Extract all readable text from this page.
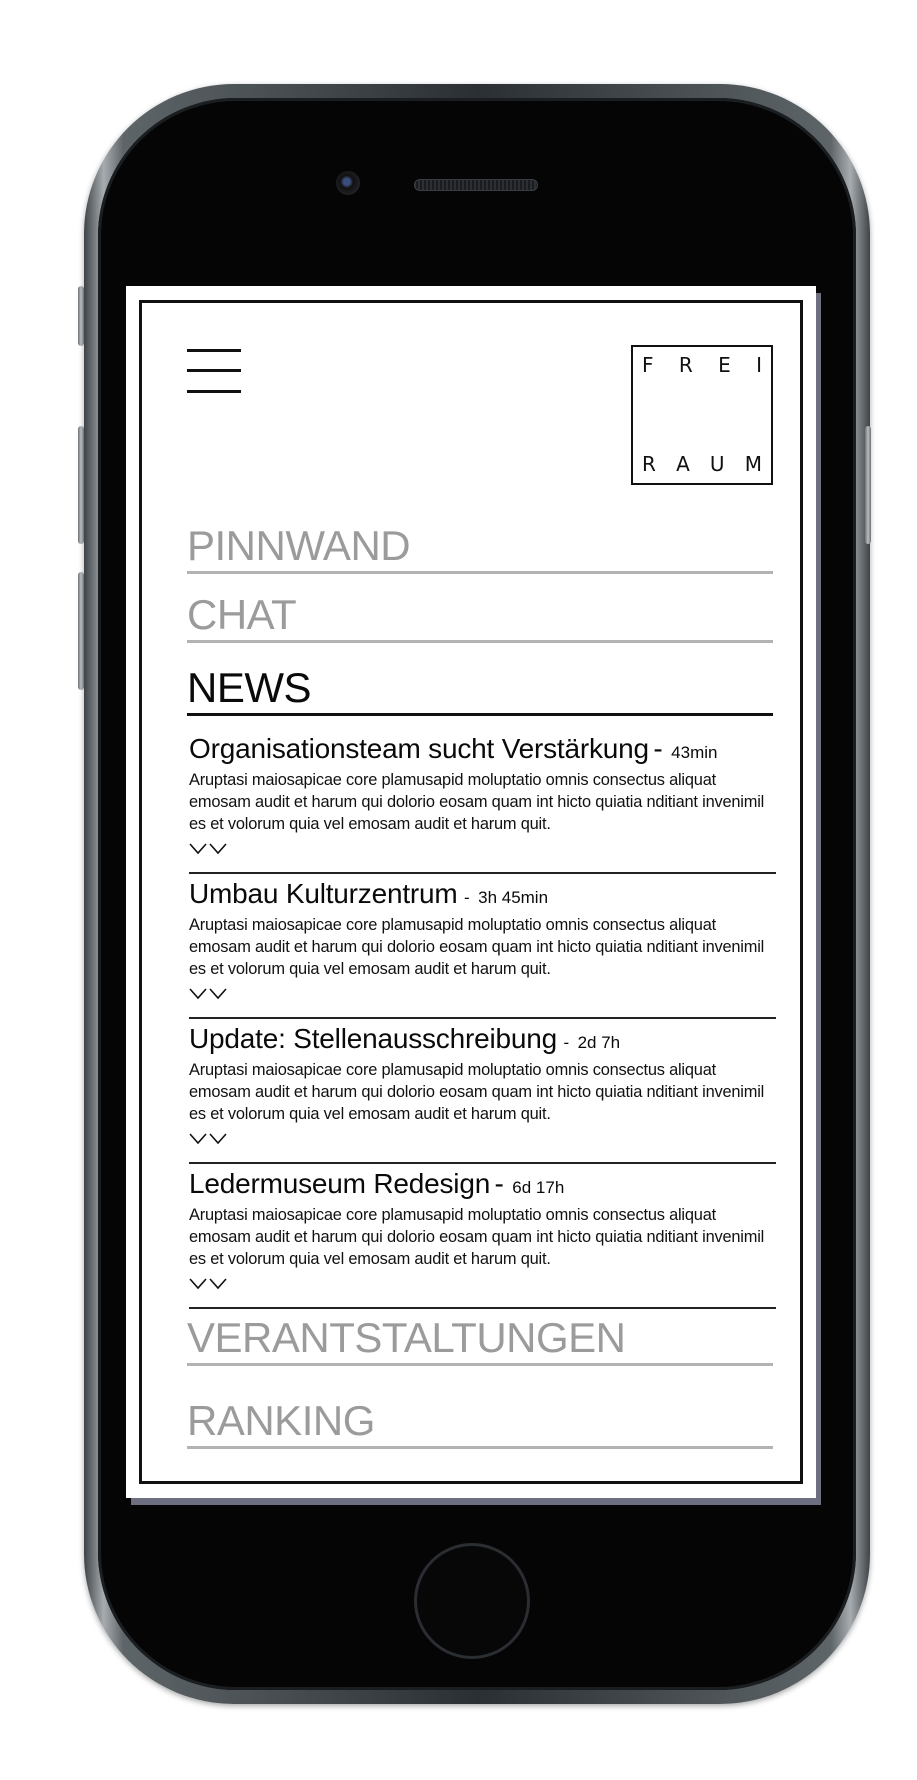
F R E I
R A U M
PINNWAND
CHAT
NEWS
Organisationsteam sucht Verstärkung - 43min
Aruptasi maiosapicae core plamusapid moluptatio omnis consectus aliquat emosam audit et harum qui dolorio eosam quam int hicto quiatia nditiant invenimil es et volorum quia vel emosam audit et harum quit.
Umbau Kulturzentrum - 3h 45min
Aruptasi maiosapicae core plamusapid moluptatio omnis consectus aliquat emosam audit et harum qui dolorio eosam quam int hicto quiatia nditiant invenimil es et volorum quia vel emosam audit et harum quit.
Update: Stellenausschreibung - 2d 7h
Aruptasi maiosapicae core plamusapid moluptatio omnis consectus aliquat emosam audit et harum qui dolorio eosam quam int hicto quiatia nditiant invenimil es et volorum quia vel emosam audit et harum quit.
Ledermuseum Redesign - 6d 17h
Aruptasi maiosapicae core plamusapid moluptatio omnis consectus aliquat emosam audit et harum qui dolorio eosam quam int hicto quiatia nditiant invenimil es et volorum quia vel emosam audit et harum quit.
VERANTSTALTUNGEN
RANKING
